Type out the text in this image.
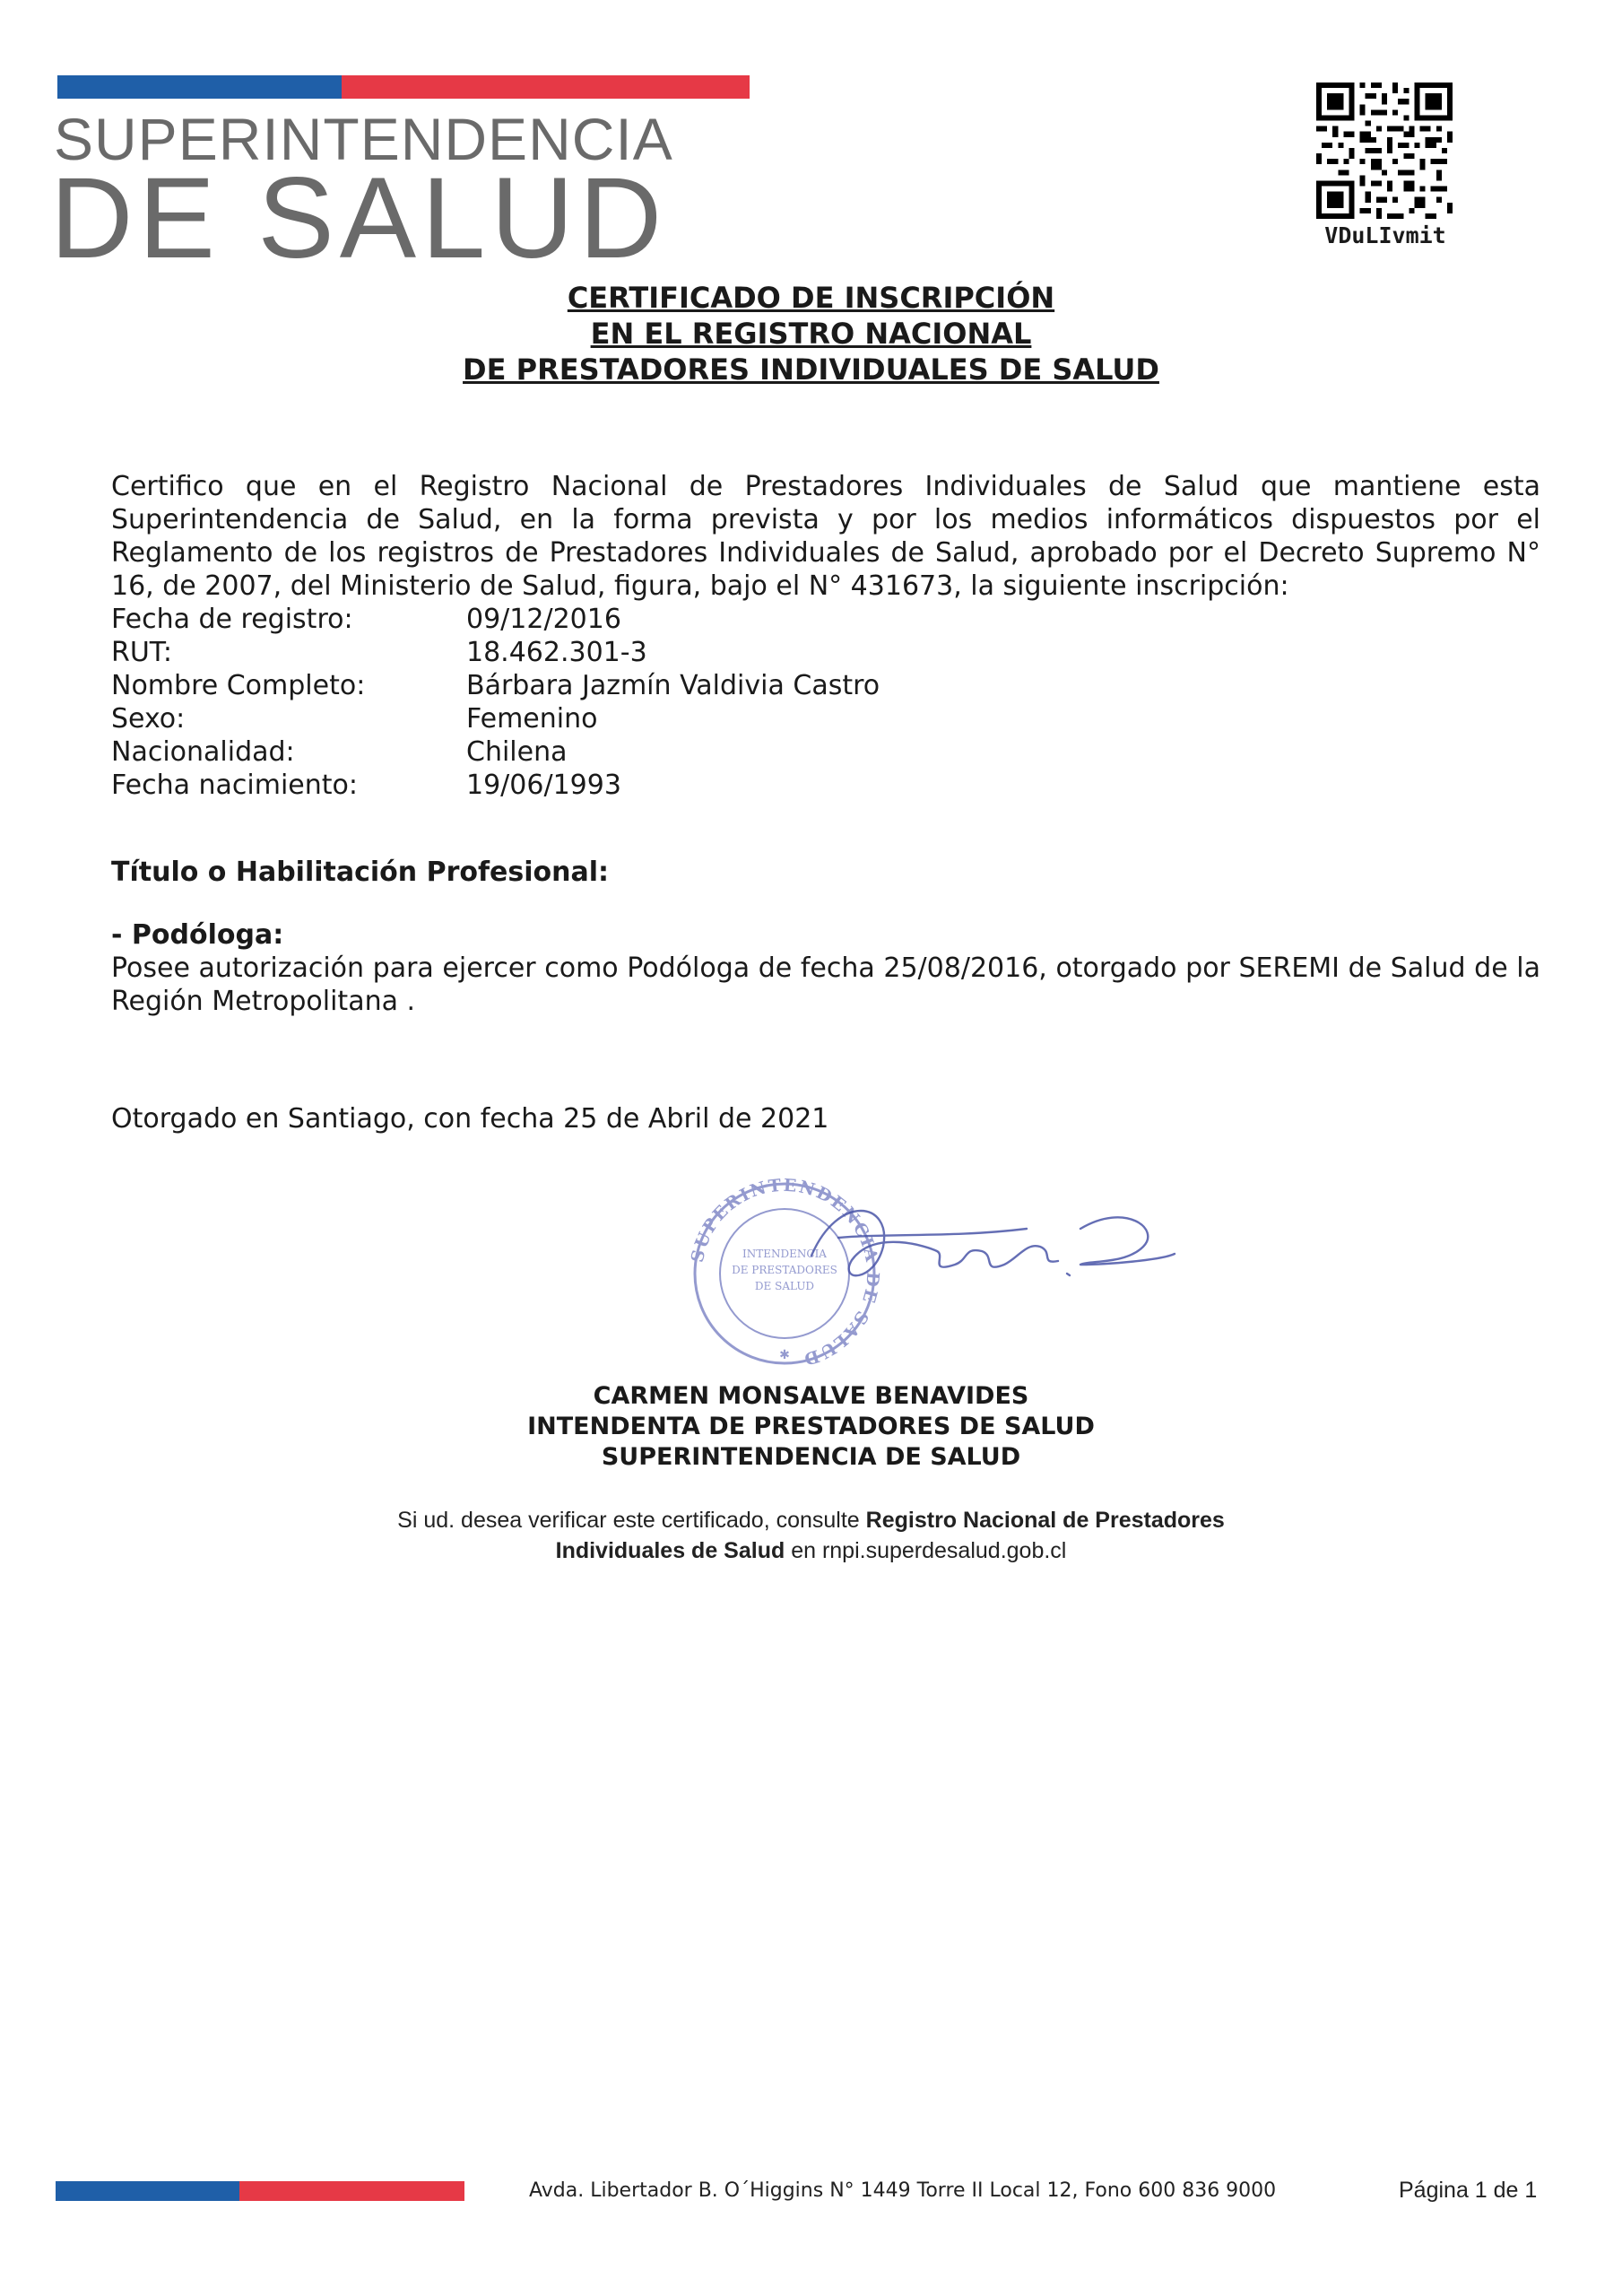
SUPERINTENDENCIA
DE SALUD	VDuLIvmit
CERTIFICADO DE INSCRIPCIÓN
EN EL REGISTRO NACIONAL
DE PRESTADORES INDIVIDUALES DE SALUD
Certifico que en el Registro Nacional de Prestadores Individuales de Salud que mantiene esta Superintendencia de Salud, en la forma prevista y por los medios informáticos dispuestos por el Reglamento de los registros de Prestadores Individuales de Salud, aprobado por el Decreto Supremo N° 16, de 2007, del Ministerio de Salud, figura, bajo el N° 431673, la siguiente inscripción:
Fecha de registro:	09/12/2016
RUT:	18.462.301-3
Nombre Completo:	Bárbara Jazmín Valdivia Castro
Sexo:	Femenino
Nacionalidad:	Chilena
Fecha nacimiento:	19/06/1993
Título o Habilitación Profesional:
- Podóloga:
Posee autorización para ejercer como Podóloga de fecha 25/08/2016, otorgado por SEREMI de Salud de la Región Metropolitana .
Otorgado en Santiago, con fecha 25 de Abril de 2021
SUPERINTENDENCIA DE SALUD
INTENDENCIA
DE PRESTADORES
DE SALUD
✱
CARMEN MONSALVE BENAVIDES
INTENDENTA DE PRESTADORES DE SALUD
SUPERINTENDENCIA DE SALUD
Si ud. desea verificar este certificado, consulte Registro Nacional de Prestadores
Individuales de Salud en rnpi.superdesalud.gob.cl
Avda. Libertador B. O´Higgins N° 1449 Torre II Local 12, Fono 600 836 9000	Página 1 de 1
